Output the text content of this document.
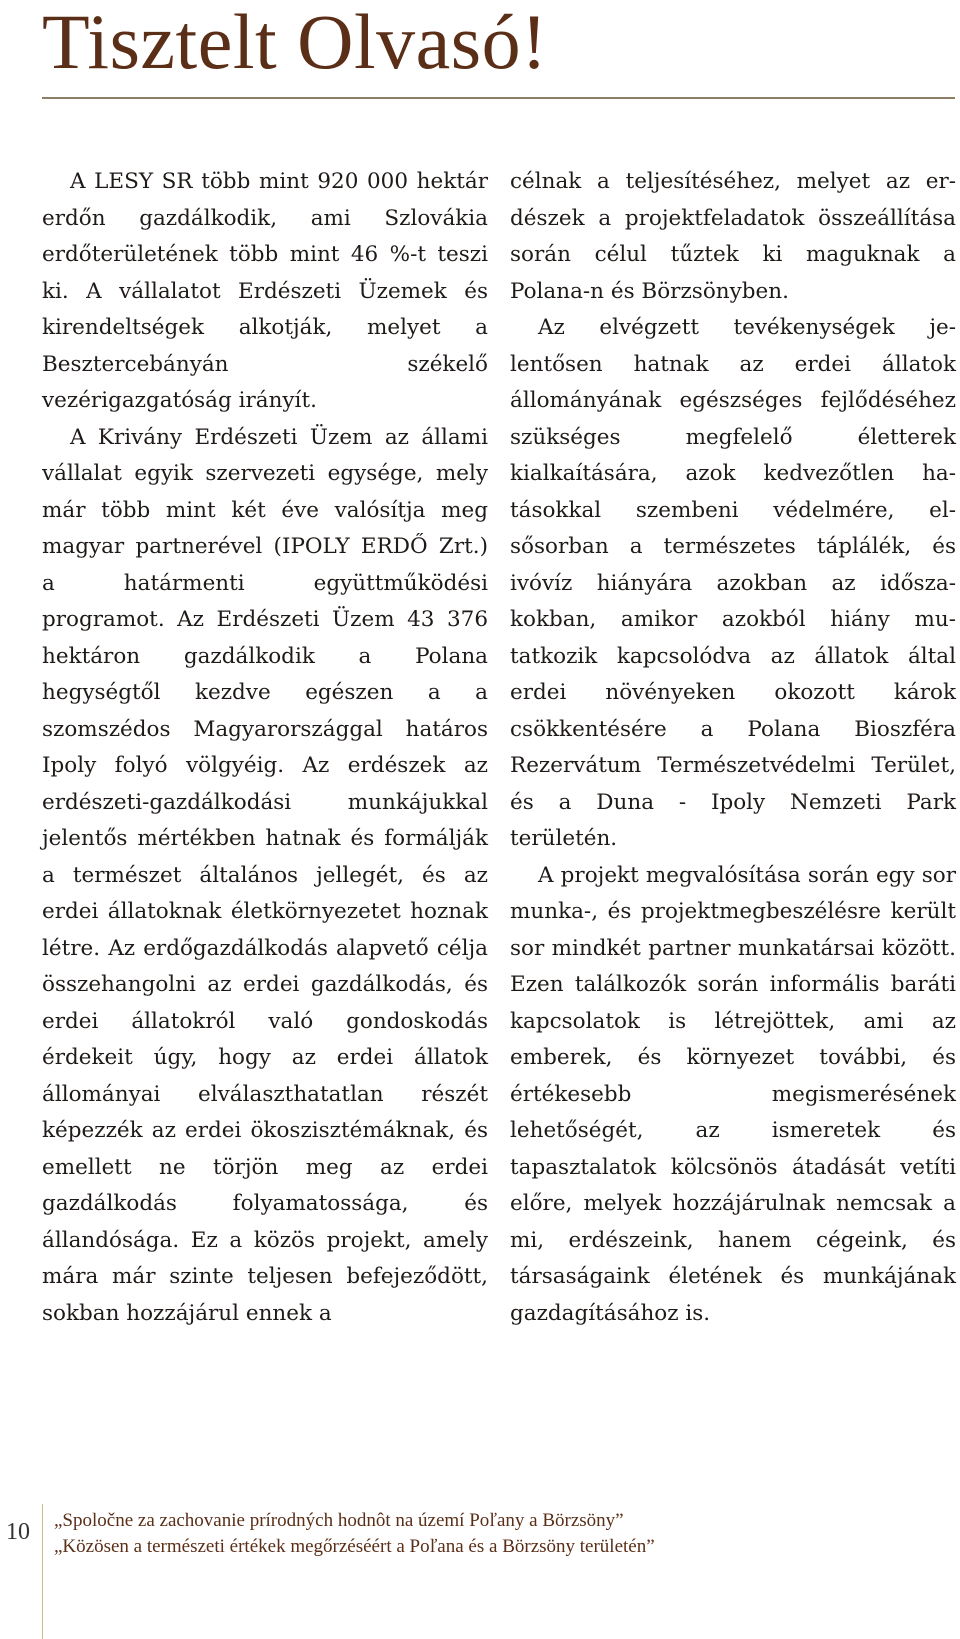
Tisztelt Olvasó!

A LESY SR több mint 920 000 hektár erdőn gazdálkodik, ami Szlovákia erdőterületének több mint 46 %-t teszi ki. A vállalatot Erdészeti Üzemek és kirendeltségek alkotják, melyet a Besztercebányán székelő vezérigazgatóság irányít.

A Krivány Erdészeti Üzem az állami vállalat egyik szervezeti egysége, mely már több mint két éve valósítja meg magyar partnerével (IPOLY ERDŐ Zrt.) a határmenti együttműködési programot. Az Erdészeti Üzem 43 376 hektáron gazdálkodik a Polana hegységtől kezdve egészen a a szomszédos Magyarországgal határos Ipoly folyó völgyéig. Az erdészek az erdészeti-gazdálkodási munkájukkal jelentős mértékben hatnak és formálják a természet általános jellegét, és az erdei állatoknak életkörnyezetet hoznak létre. Az erdőgazdálkodás alapvető célja összehangolni az erdei gazdálkodás, és erdei állatokról való gondoskodás érdekeit úgy, hogy az erdei állatok állományai elválaszthatatlan részét képezzék az erdei ökoszisztémáknak, és emellett ne törjön meg az erdei gazdálkodás folyamatossága, és állandósága. Ez a közös projekt, amely mára már szinte teljesen befejeződött, sokban hozzájárul ennek a

célnak a teljesítéséhez, melyet az erdészek a projektfeladatok összeállítása során célul tűztek ki maguknak a Polana-n és Börzsönyben.

Az elvégzett tevékenységek jelentősen hatnak az erdei állatok állományának egészséges fejlődéséhez szükséges megfelelő életterek kialkaítására, azok kedvezőtlen hatásokkal szembeni védelmére, elsősorban a természetes táplálék, és ivóvíz hiányára azokban az időszakokban, amikor azokból hiány mutatkozik kapcsolódva az állatok által erdei növényeken okozott károk csökkentésére a Polana Bioszféra Rezervátum Természetvédelmi Terület, és a Duna - Ipoly Nemzeti Park területén.

A projekt megvalósítása során egy sor munka-, és projektmegbeszélésre került sor mindkét partner munkatársai között. Ezen találkozók során informális baráti kapcsolatok is létrejöttek, ami az emberek, és környezet további, és értékesebb megismerésének lehetőségét, az ismeretek és tapasztalatok kölcsönös átadását vetíti előre, melyek hozzájárulnak nemcsak a mi, erdészeink, hanem cégeink, és társaságaink életének és munkájának gazdagításához is.

10	„Spoločne za zachovanie prírodných hodnôt na území Poľany a Börzsöny”
„Közösen a természeti értékek megőrzéséért a Poľana és a Börzsöny területén”
